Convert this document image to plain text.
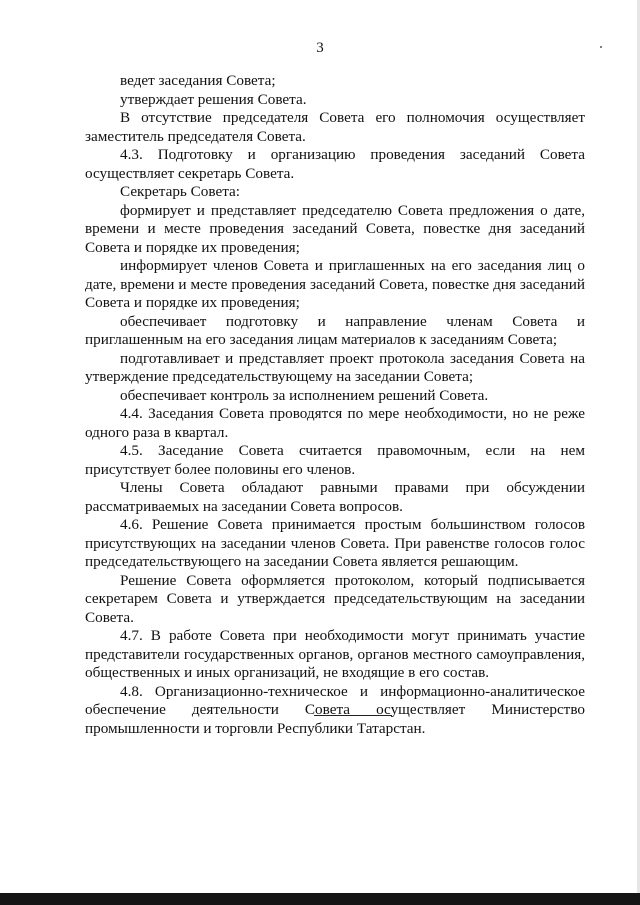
3

ведет заседания Совета;

утверждает решения Совета.

В отсутствие председателя Совета его полномочия осуществляет заместитель председателя Совета.

4.3. Подготовку и организацию проведения заседаний Совета осуществляет секретарь Совета.

Секретарь Совета:

формирует и представляет председателю Совета предложения о дате, времени и месте проведения заседаний Совета, повестке дня заседаний Совета и порядке их проведения;

информирует членов Совета и приглашенных на его заседания лиц о дате, времени и месте проведения заседаний Совета, повестке дня заседаний Совета и порядке их проведения;

обеспечивает подготовку и направление членам Совета и приглашенным на его заседания лицам материалов к заседаниям Совета;

подготавливает и представляет проект протокола заседания Совета на утверждение председательствующему на заседании Совета;

обеспечивает контроль за исполнением решений Совета.

4.4. Заседания Совета проводятся по мере необходимости, но не реже одного раза в квартал.

4.5. Заседание Совета считается правомочным, если на нем присутствует более половины его членов.

Члены Совета обладают равными правами при обсуждении рассматриваемых на заседании Совета вопросов.

4.6. Решение Совета принимается простым большинством голосов присутствующих на заседании членов Совета. При равенстве голосов голос председательствующего на заседании Совета является решающим.

Решение Совета оформляется протоколом, который подписывается секретарем Совета и утверждается председательствующим на заседании Совета.

4.7. В работе Совета при необходимости могут принимать участие представители государственных органов, органов местного самоуправления, общественных и иных организаций, не входящие в его состав.

4.8. Организационно-техническое и информационно-аналитическое обеспечение деятельности Совета осуществляет Министерство промышленности и торговли Республики Татарстан.
